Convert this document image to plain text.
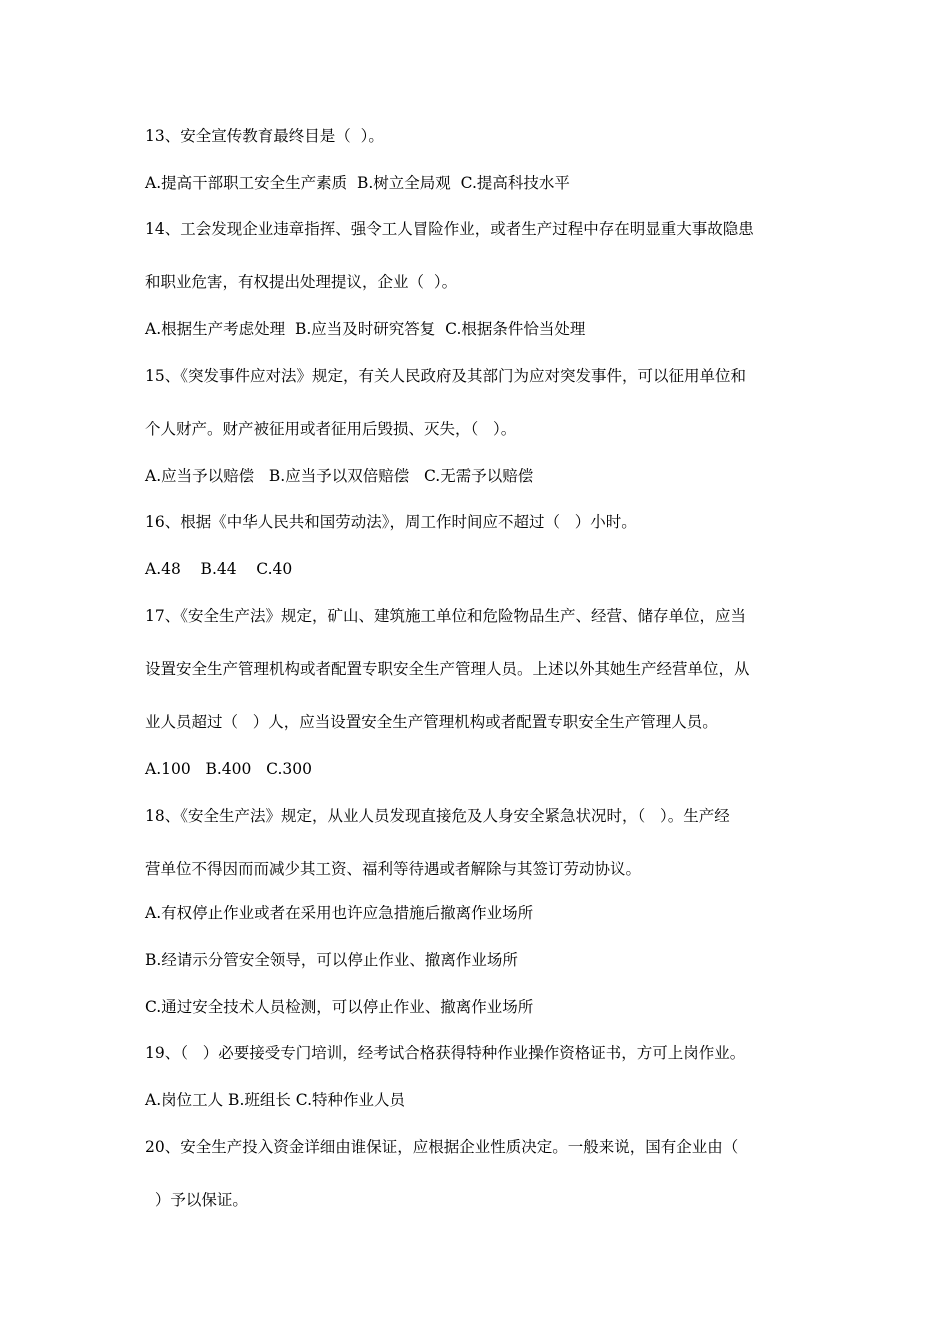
13、安全宣传教育最终目是（  ）。
A.提高干部职工安全生产素质  B.树立全局观  C.提高科技水平
14、工会发现企业违章指挥、强令工人冒险作业，或者生产过程中存在明显重大事故隐患
和职业危害，有权提出处理提议，企业（  ）。
A.根据生产考虑处理  B.应当及时研究答复  C.根据条件恰当处理
15、《突发事件应对法》规定，有关人民政府及其部门为应对突发事件，可以征用单位和
个人财产。财产被征用或者征用后毁损、灭失，（   ）。
A.应当予以赔偿   B.应当予以双倍赔偿   C.无需予以赔偿
16、根据《中华人民共和国劳动法》，周工作时间应不超过（   ）小时。
A.48    B.44    C.40
17、《安全生产法》规定，矿山、建筑施工单位和危险物品生产、经营、储存单位，应当
设置安全生产管理机构或者配置专职安全生产管理人员。上述以外其她生产经营单位，从
业人员超过（   ）人，应当设置安全生产管理机构或者配置专职安全生产管理人员。
A.100   B.400   C.300
18、《安全生产法》规定，从业人员发现直接危及人身安全紧急状况时，（   ）。生产经
营单位不得因而而减少其工资、福利等待遇或者解除与其签订劳动协议。
A.有权停止作业或者在采用也许应急措施后撤离作业场所
B.经请示分管安全领导，可以停止作业、撤离作业场所
C.通过安全技术人员检测，可以停止作业、撤离作业场所
19、（   ）必要接受专门培训，经考试合格获得特种作业操作资格证书，方可上岗作业。
A.岗位工人 B.班组长 C.特种作业人员
20、安全生产投入资金详细由谁保证，应根据企业性质决定。一般来说，国有企业由（
）予以保证。
